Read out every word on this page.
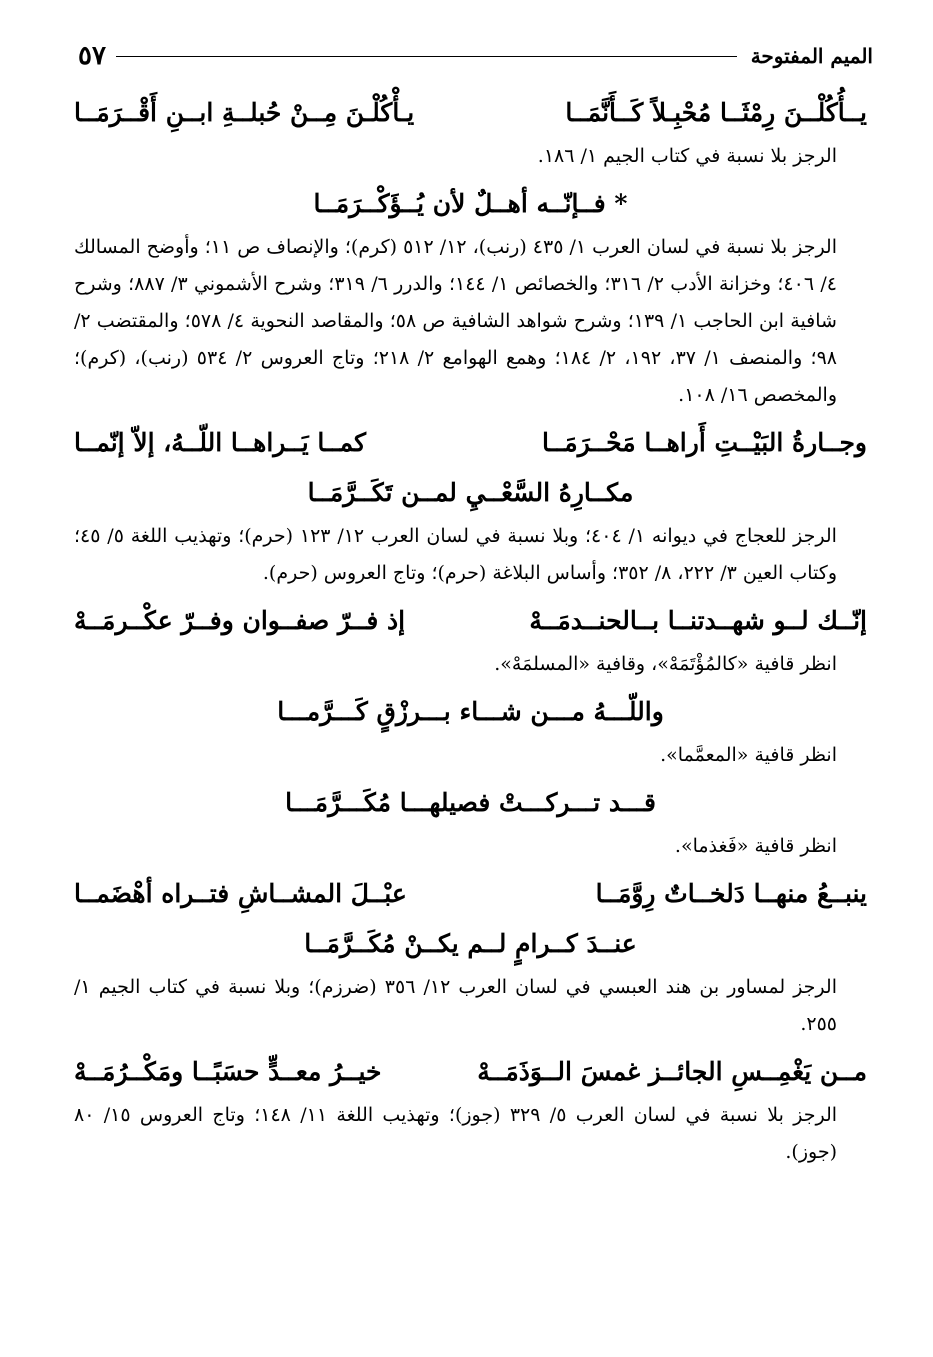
الميم المفتوحة
٥٧
يــأُكُلْــنَ رِمْثَــا مُحْبِـلاً كَــأَنَّمَــا
يـأْكُلْـنَ مِــنْ حُبلــةِ ابــنِ أَقْــرَمَــا

الرجز بلا نسبة في كتاب الجيم ١/ ١٨٦.

* فــإنّــه أهــلٌ لأن يُــؤَكْــرَمَــا

الرجز بلا نسبة في لسان العرب ١/ ٤٣٥ (رنب)، ١٢/ ٥١٢ (كرم)؛ والإنصاف ص ١١؛ وأوضح المسالك ٤/ ٤٠٦؛ وخزانة الأدب ٢/ ٣١٦؛ والخصائص ١/ ١٤٤؛ والدرر ٦/ ٣١٩؛ وشرح الأشموني ٣/ ٨٨٧؛ وشرح شافية ابن الحاجب ١/ ١٣٩؛ وشرح شواهد الشافية ص ٥٨؛ والمقاصد النحوية ٤/ ٥٧٨؛ والمقتضب ٢/ ٩٨؛ والمنصف ١/ ٣٧، ١٩٢، ٢/ ١٨٤؛ وهمع الهوامع ٢/ ٢١٨؛ وتاج العروس ٢/ ٥٣٤ (رنب)، (كرم)؛ والمخصص ١٦/ ١٠٨.

وجــارةُ البَيْــتِ أَراهــا مَحْــرَمَــا
كمــا يَــراهــا اللّــهُ، إلاّ إنّمــا
مكــارِهُ السَّعْــيِ لمــن تَكَــرَّمَــا

الرجز للعجاج في ديوانه ١/ ٤٠٤؛ وبلا نسبة في لسان العرب ١٢/ ١٢٣ (حرم)؛ وتهذيب اللغة ٥/ ٤٥؛ وكتاب العين ٣/ ٢٢٢، ٨/ ٣٥٢؛ وأساس البلاغة (حرم)؛ وتاج العروس (حرم).

إنّــك لــو شهــدتنــا بــالحنــدمَــهْ
إذ فــرّ صفــوان وفــرّ عكْــرمَــهْ

انظر قافية «كالمُؤْتَمَهْ»، وقافية «المسلمَهْ».

واللّـــهُ مـــن شـــاء بـــرزْقٍ كَـــرَّمـــا

انظر قافية «المعمَّما».

قـــد تـــركـــتْ فصيلهـــا مُكَـــرَّمَـــا

انظر قافية «فَغذما».

ينبــعُ منهــا دَلخــاتٌ رِوَّمَــا
عبْــلَ المشــاشِ فتــراه أهْضَمــا
عنــدَ كــرامٍ لــم يكــنْ مُكَــرَّمَــا

الرجز لمساور بن هند العبسي في لسان العرب ١٢/ ٣٥٦ (ضرزم)؛ وبلا نسبة في كتاب الجيم ١/ ٢٥٥.

مــن يَغْمِــسِ الجائــز غمسَ الــوَذَمَــهْ
خيــرُ معــدٍّ حسَبًــا ومَكْــرُمَــهْ

الرجز بلا نسبة في لسان العرب ٥/ ٣٢٩ (جوز)؛ وتهذيب اللغة ١١/ ١٤٨؛ وتاج العروس ١٥/ ٨٠ (جوز).
